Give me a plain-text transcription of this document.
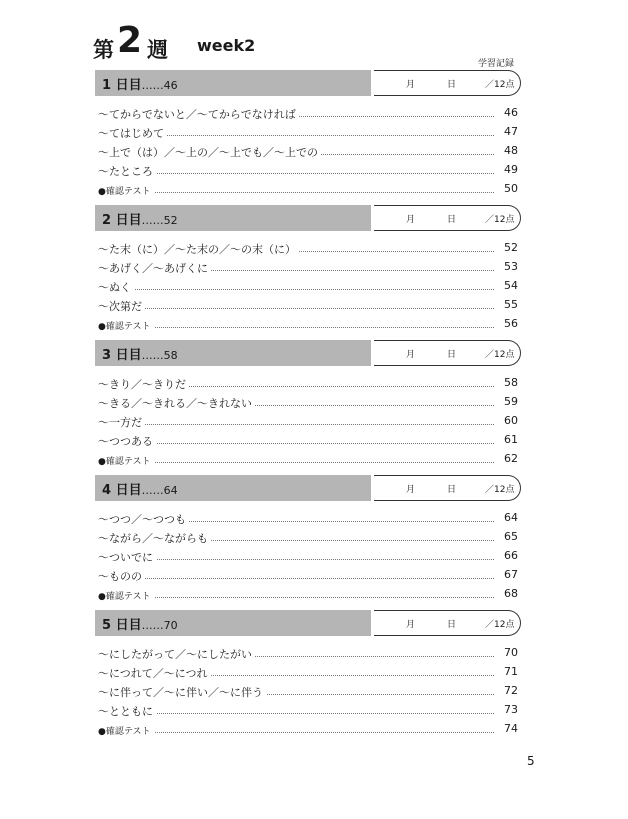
第 2 週 week2
学習記録
1 日目……46	月	日	／12点
〜てからでないと／〜てからでなければ	46
〜てはじめて	47
〜上で（は）／〜上の／〜上でも／〜上での	48
〜たところ	49
●確認テスト	50
2 日目……52	月	日	／12点
〜た末（に）／〜た末の／〜の末（に）	52
〜あげく／〜あげくに	53
〜ぬく	54
〜次第だ	55
●確認テスト	56
3 日目……58	月	日	／12点
〜きり／〜きりだ	58
〜きる／〜きれる／〜きれない	59
〜一方だ	60
〜つつある	61
●確認テスト	62
4 日目……64	月	日	／12点
〜つつ／〜つつも	64
〜ながら／〜ながらも	65
〜ついでに	66
〜ものの	67
●確認テスト	68
5 日目……70	月	日	／12点
〜にしたがって／〜にしたがい	70
〜につれて／〜につれ	71
〜に伴って／〜に伴い／〜に伴う	72
〜とともに	73
●確認テスト	74
5
